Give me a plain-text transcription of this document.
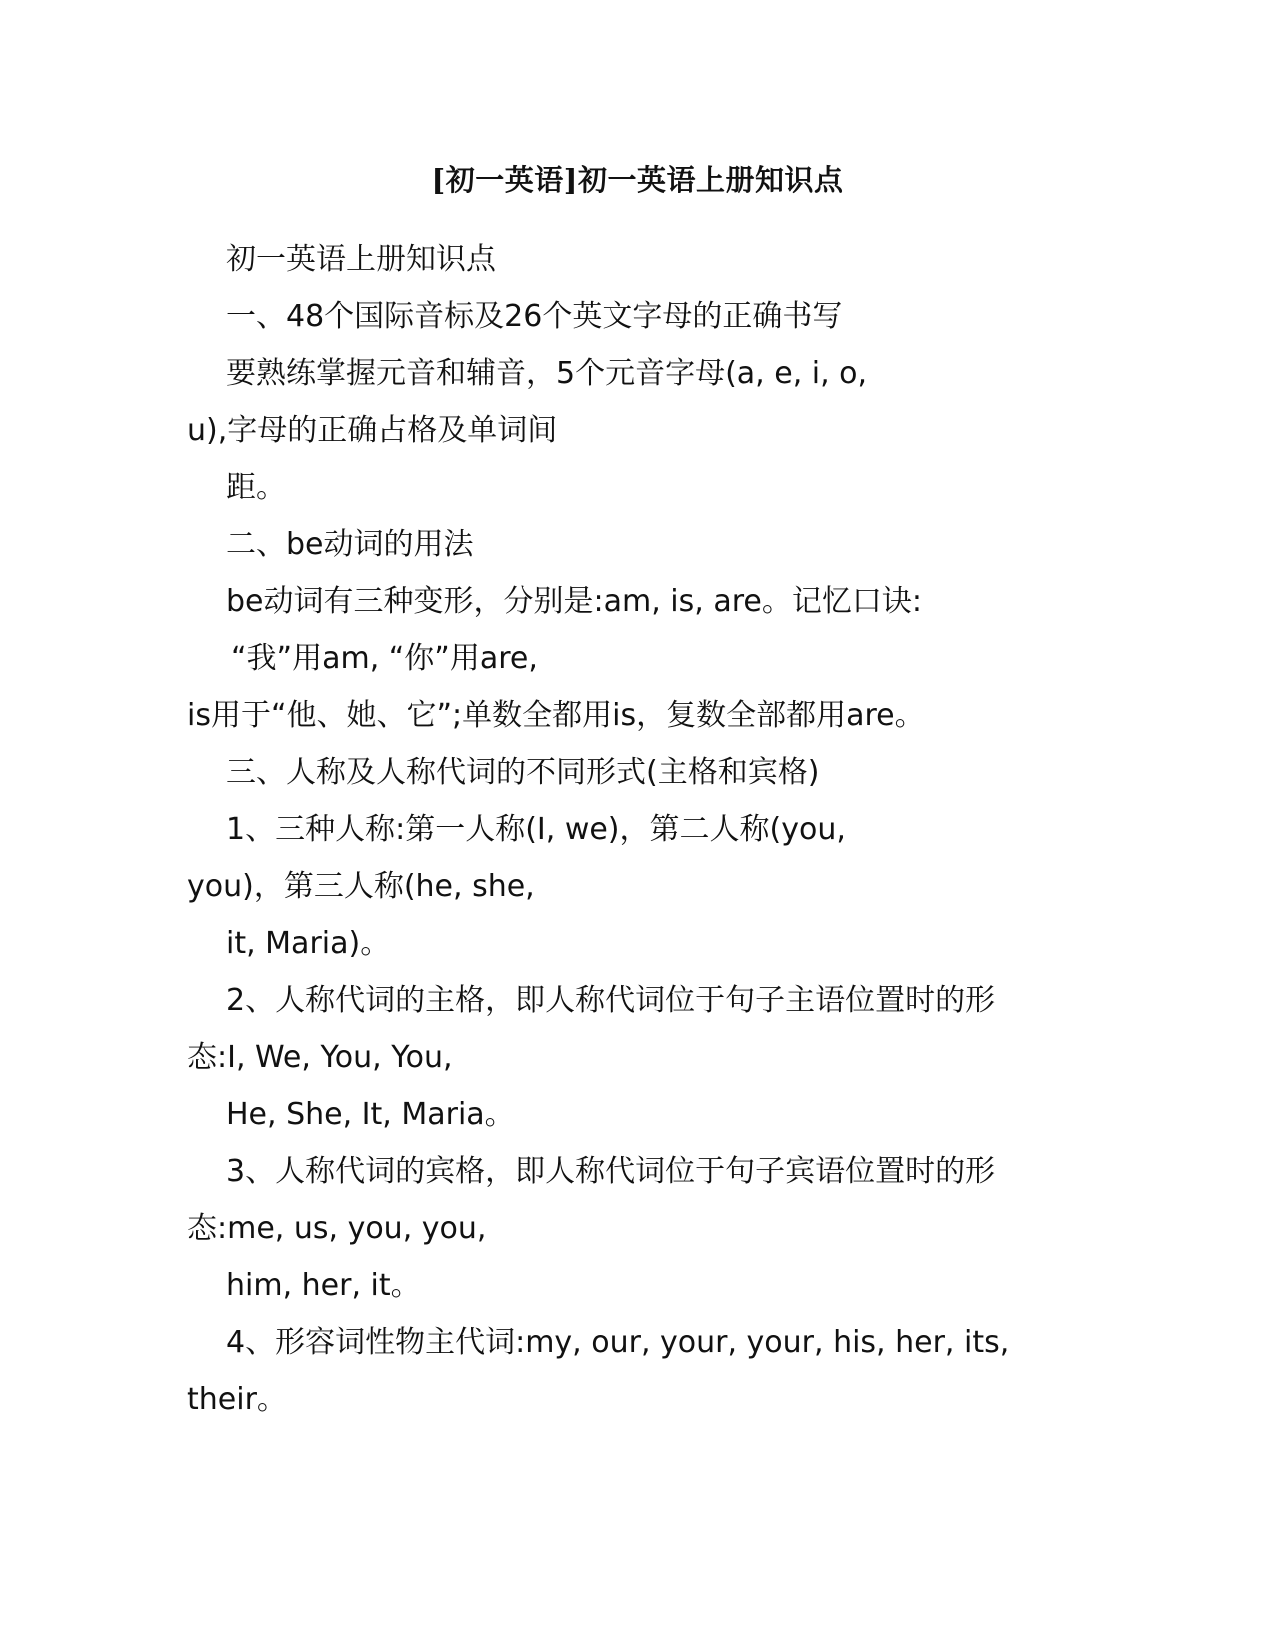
[初一英语]初一英语上册知识点
初一英语上册知识点
一、48个国际音标及26个英文字母的正确书写
要熟练掌握元音和辅音，5个元音字母(a, e, i, o,
u),字母的正确占格及单词间
距。
二、be动词的用法
be动词有三种变形，分别是:am, is, are。记忆口诀:
“我”用am, “你”用are,
is用于“他、她、它”;单数全都用is，复数全部都用are。
三、人称及人称代词的不同形式(主格和宾格)
1、三种人称:第一人称(I, we)，第二人称(you,
you)，第三人称(he, she,
it, Maria)。
2、人称代词的主格，即人称代词位于句子主语位置时的形
态:I, We, You, You,
He, She, It, Maria。
3、人称代词的宾格，即人称代词位于句子宾语位置时的形
态:me, us, you, you,
him, her, it。
4、形容词性物主代词:my, our, your, your, his, her, its,
their。
